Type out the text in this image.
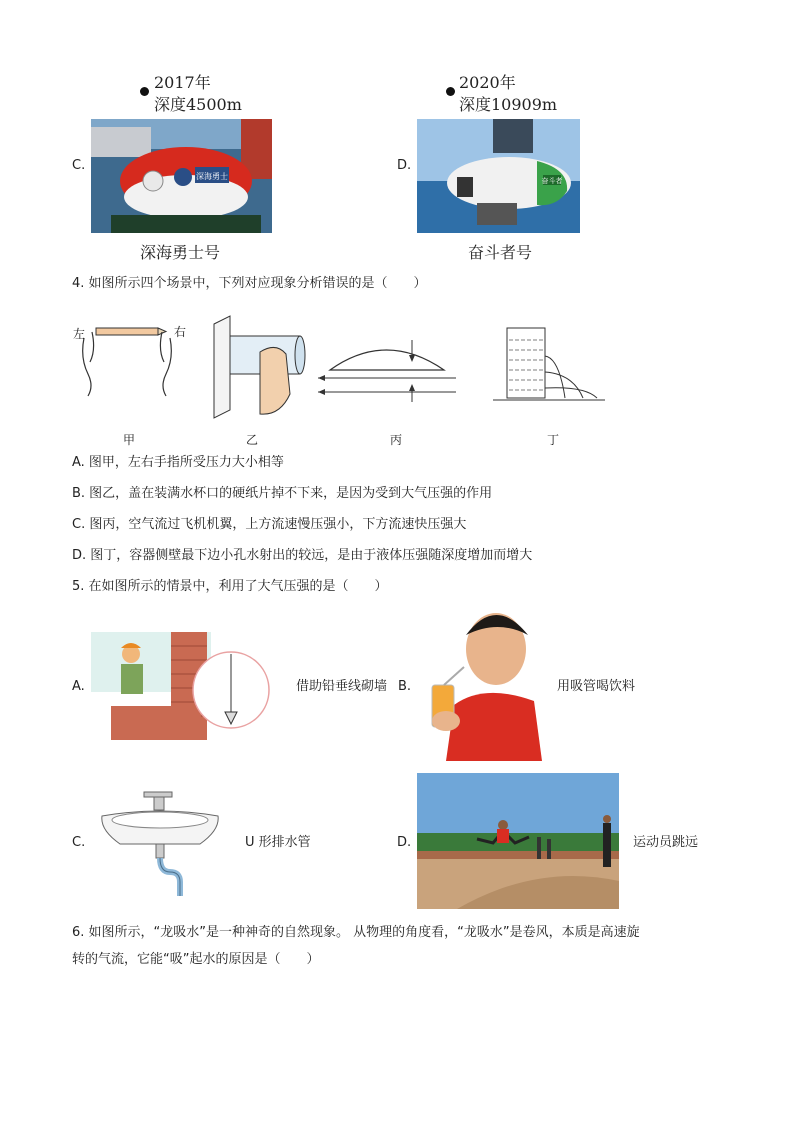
2017年
深度4500m
C.
深海勇士
深海勇士号
2020年
深度10909m
D.
奋斗者
奋斗者号
4. 如图所示四个场景中，下列对应现象分析错误的是（　　）
左	右
甲	乙	丙	丁
A. 图甲，左右手指所受压力大小相等
B. 图乙，盖在装满水杯口的硬纸片掉不下来，是因为受到大气压强的作用
C. 图丙，空气流过飞机机翼，上方流速慢压强小，下方流速快压强大
D. 图丁，容器侧壁最下边小孔水射出的较远，是由于液体压强随深度增加而增大
5. 在如图所示的情景中，利用了大气压强的是（　　）
A.	借助铅垂线砌墙 B.	用吸管喝饮料
C.	U 形排水管	D.	运动员跳远
6. 如图所示，“龙吸水”是一种神奇的自然现象。 从物理的角度看，“龙吸水”是卷风，本质是高速旋
转的气流，它能“吸”起水的原因是（　　）
